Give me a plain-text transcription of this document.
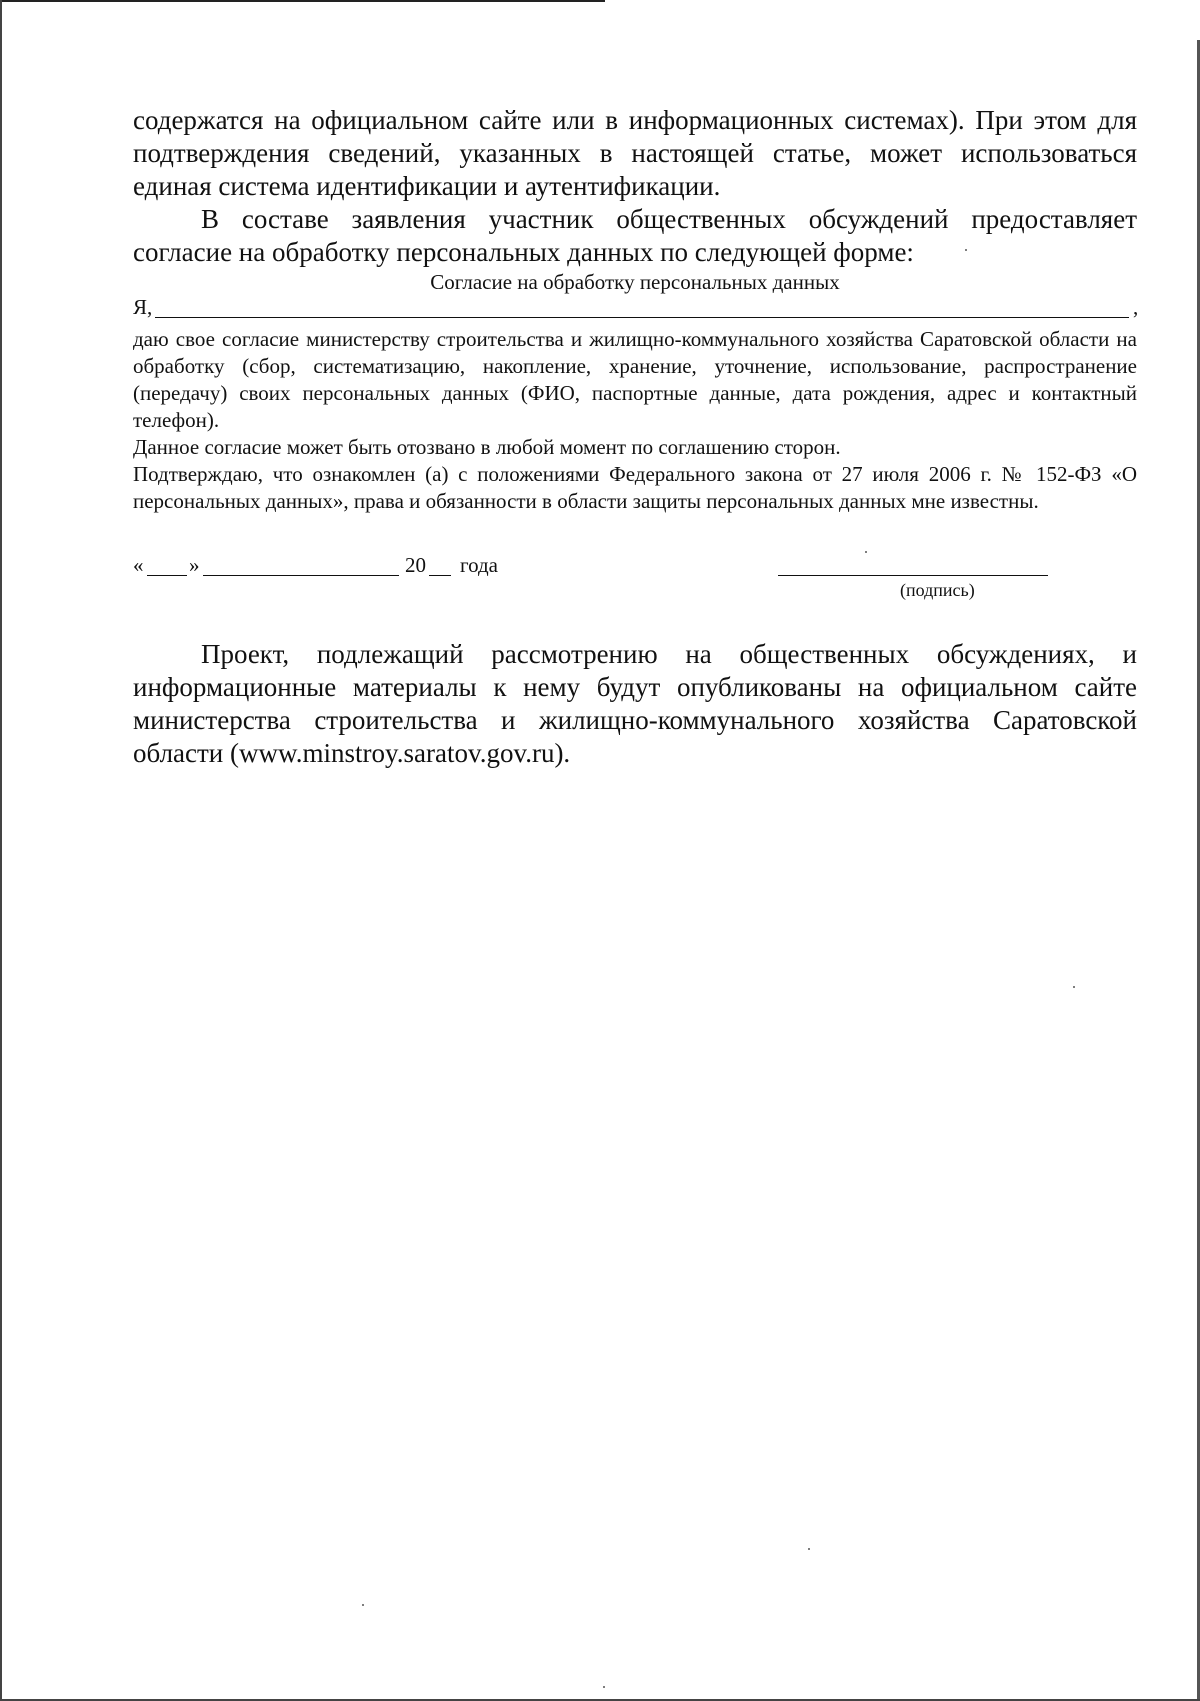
содержатся на официальном сайте или в информационных системах). При этом для подтверждения сведений, указанных в настоящей статье, может использоваться единая система идентификации и аутентификации.

В составе заявления участник общественных обсуждений предоставляет согласие на обработку персональных данных по следующей форме:

Согласие на обработку персональных данных
Я,	,

даю свое согласие министерству строительства и жилищно-коммунального хозяйства Саратовской области на обработку (сбор, систематизацию, накопление, хранение, уточнение, использование, распространение (передачу) своих персональных данных (ФИО, паспортные данные, дата рождения, адрес и контактный телефон).

Данное согласие может быть отозвано в любой момент по соглашению сторон.

Подтверждаю, что ознакомлен (а) с положениями Федерального закона от 27 июля 2006 г. № 152-ФЗ «О персональных данных», права и обязанности в области защиты персональных данных мне известны.

« »	20 года
(подпись)
Проект, подлежащий рассмотрению на общественных обсуждениях, и информационные материалы к нему будут опубликованы на официальном сайте министерства строительства и жилищно-коммунального хозяйства Саратовской области (www.minstroy.saratov.gov.ru).
